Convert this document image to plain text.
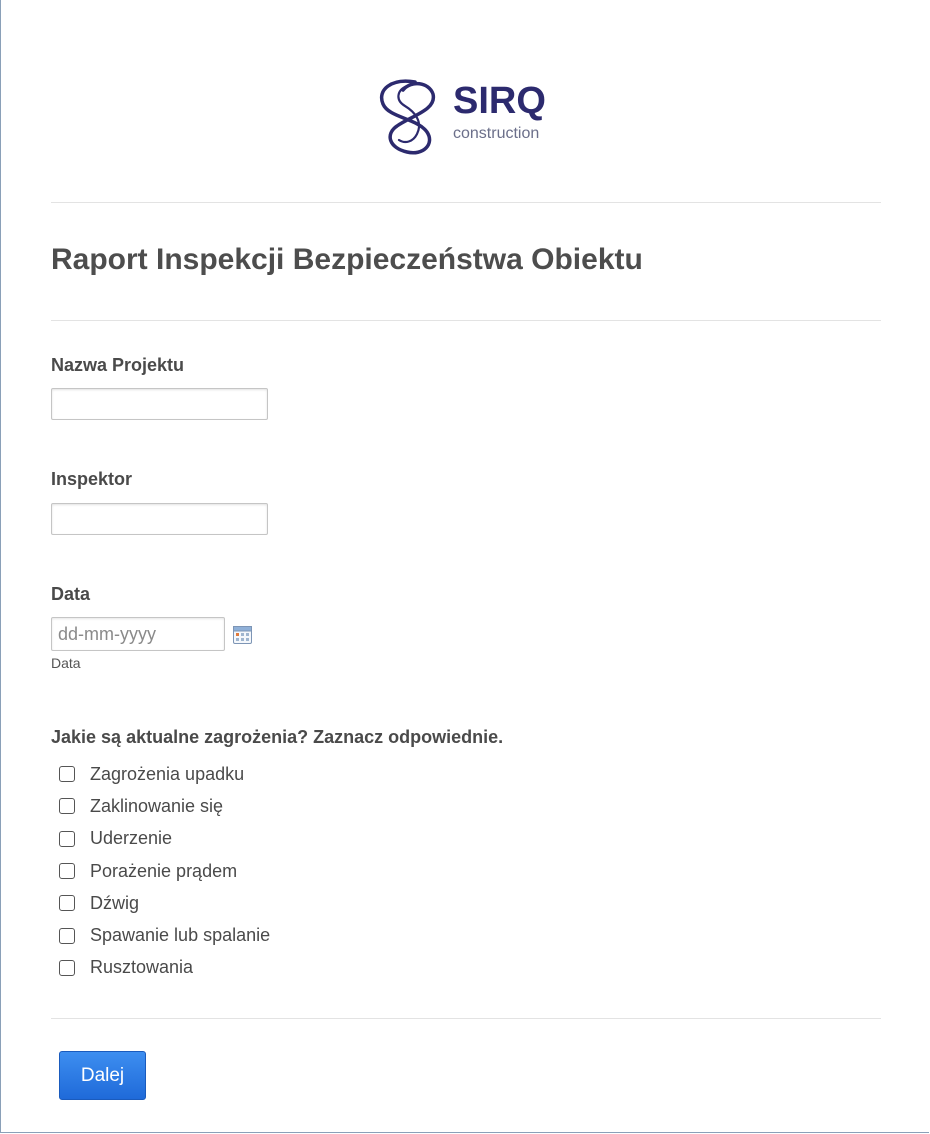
SIRQ
construction
Raport Inspekcji Bezpieczeństwa Obiektu
Nazwa Projektu
Inspektor
Data
dd-mm-yyyy
Data
Jakie są aktualne zagrożenia? Zaznacz odpowiednie.
Zagrożenia upadku
Zaklinowanie się
Uderzenie
Porażenie prądem
Dźwig
Spawanie lub spalanie
Rusztowania
Dalej
